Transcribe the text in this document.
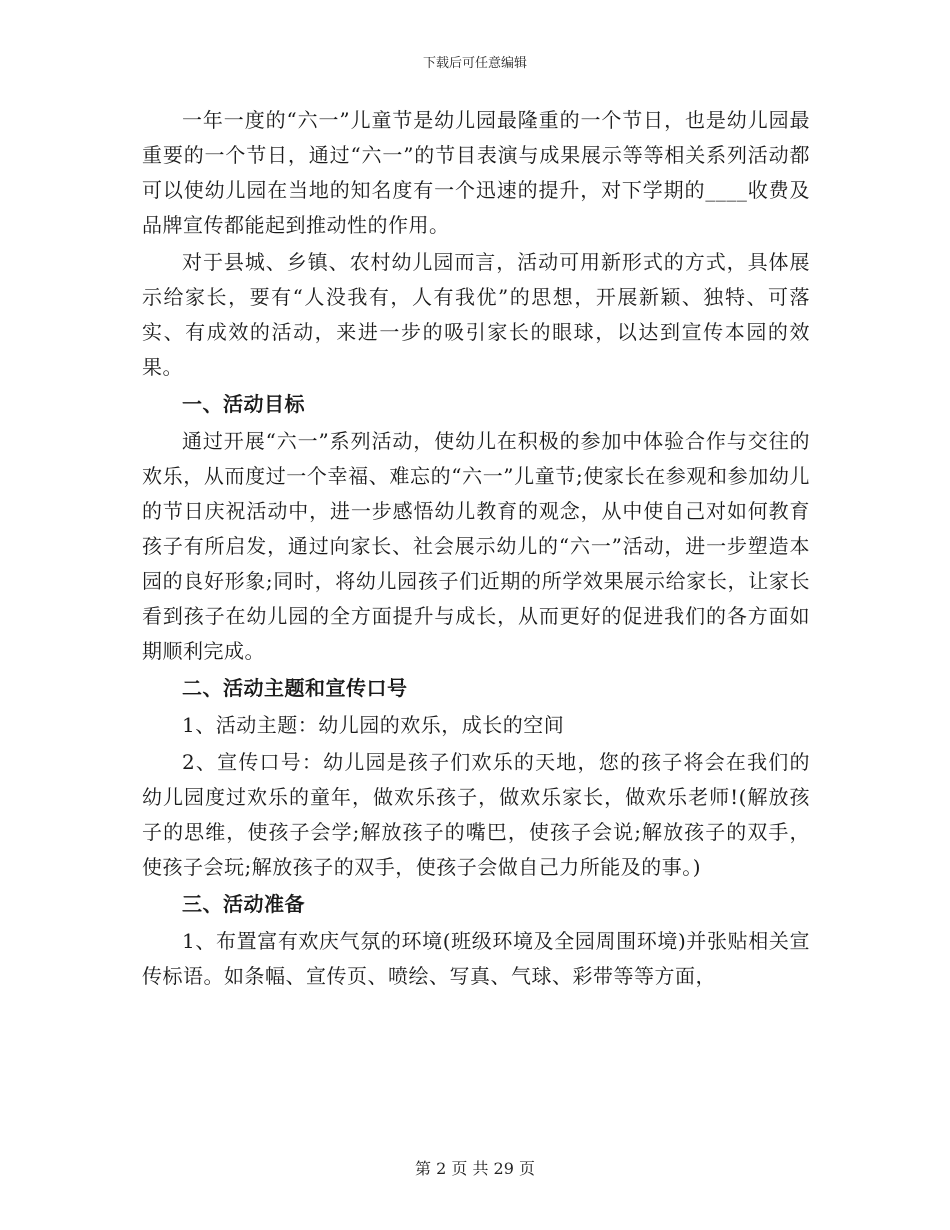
下载后可任意编辑

一年一度的“六一”儿童节是幼儿园最隆重的一个节日，也是幼儿园最重要的一个节日，通过“六一”的节目表演与成果展示等等相关系列活动都可以使幼儿园在当地的知名度有一个迅速的提升，对下学期的____收费及品牌宣传都能起到推动性的作用。

对于县城、乡镇、农村幼儿园而言，活动可用新形式的方式，具体展示给家长，要有“人没我有，人有我优”的思想，开展新颖、独特、可落实、有成效的活动，来进一步的吸引家长的眼球，以达到宣传本园的效果。

一、活动目标

通过开展“六一”系列活动，使幼儿在积极的参加中体验合作与交往的欢乐，从而度过一个幸福、难忘的“六一”儿童节;使家长在参观和参加幼儿的节日庆祝活动中，进一步感悟幼儿教育的观念，从中使自己对如何教育孩子有所启发，通过向家长、社会展示幼儿的“六一”活动，进一步塑造本园的良好形象;同时，将幼儿园孩子们近期的所学效果展示给家长，让家长看到孩子在幼儿园的全方面提升与成长，从而更好的促进我们的各方面如期顺利完成。

二、活动主题和宣传口号

1、活动主题：幼儿园的欢乐，成长的空间

2、宣传口号：幼儿园是孩子们欢乐的天地，您的孩子将会在我们的幼儿园度过欢乐的童年，做欢乐孩子，做欢乐家长，做欢乐老师!(解放孩子的思维，使孩子会学;解放孩子的嘴巴，使孩子会说;解放孩子的双手，使孩子会玩;解放孩子的双手，使孩子会做自己力所能及的事。)

三、活动准备

1、布置富有欢庆气氛的环境(班级环境及全园周围环境)并张贴相关宣传标语。如条幅、宣传页、喷绘、写真、气球、彩带等等方面，

第 2 页 共 29 页
